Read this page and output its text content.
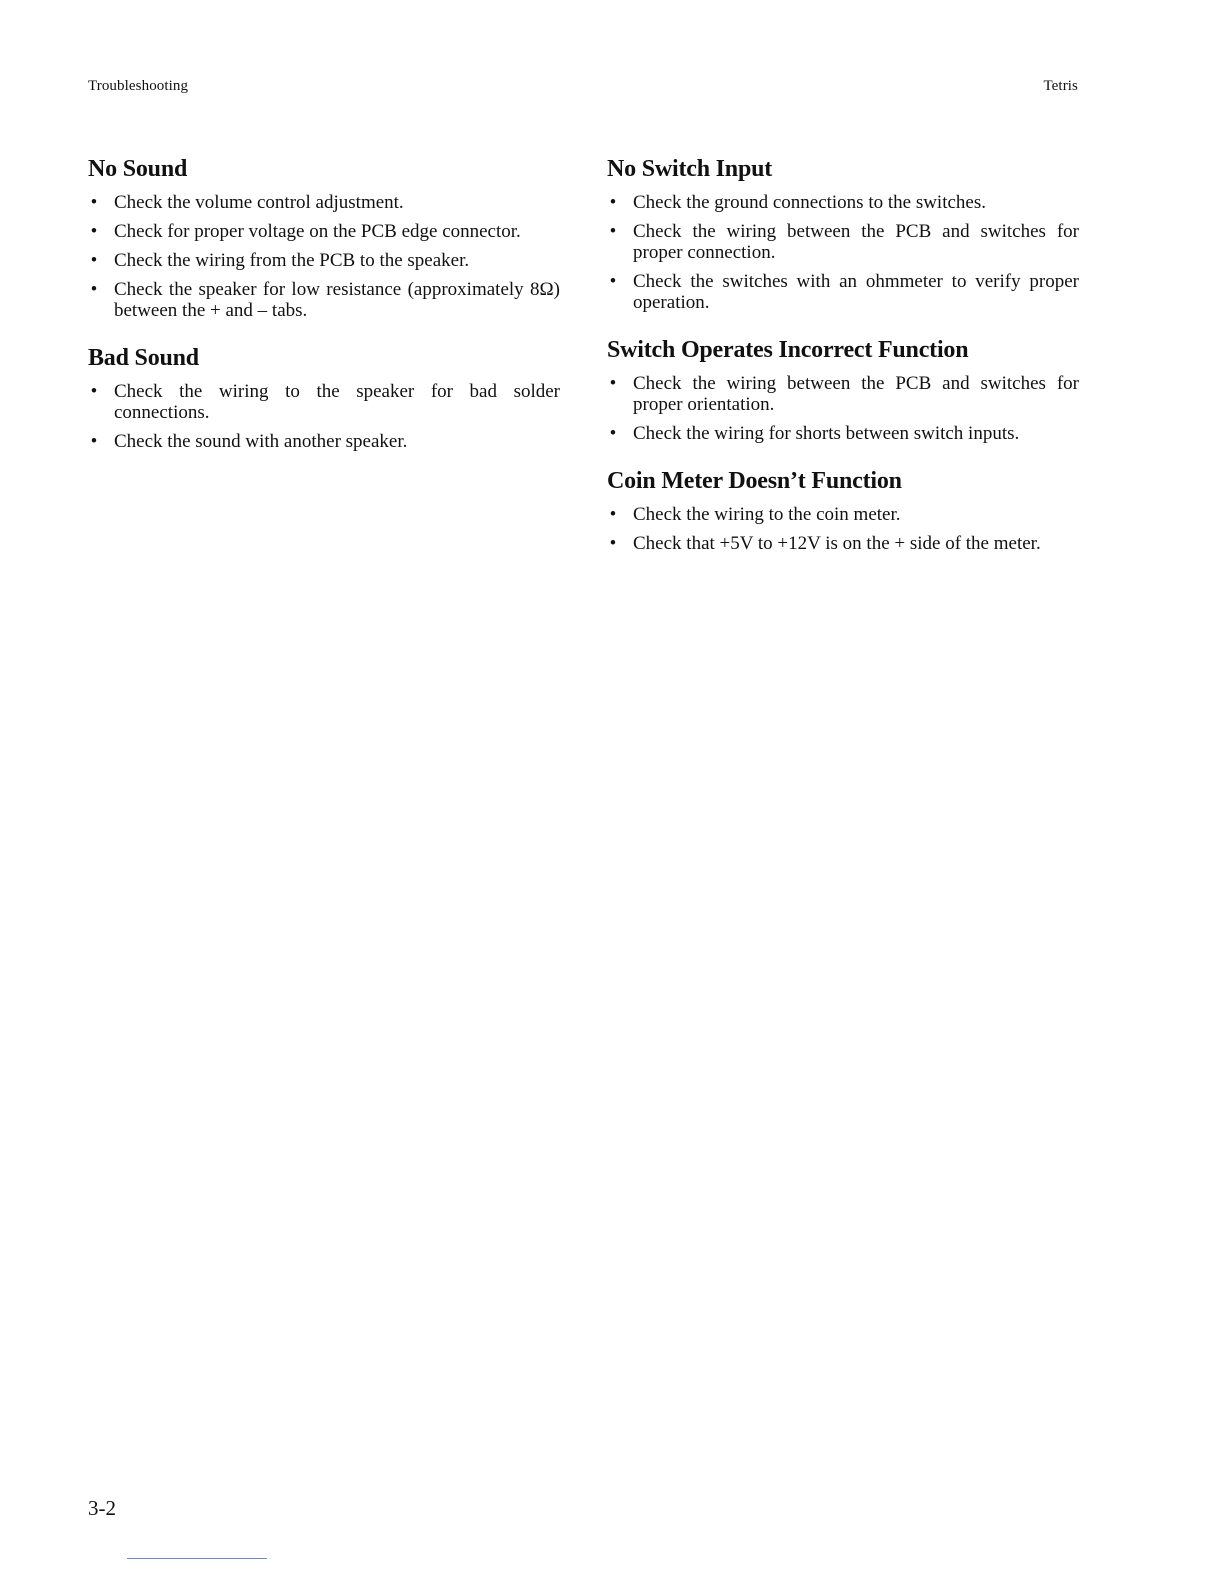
Troubleshooting	Tetris
No Sound
• Check the volume control adjustment.
• Check for proper voltage on the PCB edge connector.
• Check the wiring from the PCB to the speaker.
• Check the speaker for low resistance (approximately 8Ω) between the + and – tabs.
Bad Sound
• Check the wiring to the speaker for bad solder connections.
• Check the sound with another speaker.
No Switch Input
• Check the ground connections to the switches.
• Check the wiring between the PCB and switches for proper connection.
• Check the switches with an ohmmeter to verify proper operation.
Switch Operates Incorrect Function
• Check the wiring between the PCB and switches for proper orientation.
• Check the wiring for shorts between switch inputs.
Coin Meter Doesn’t Function
• Check the wiring to the coin meter.
• Check that +5V to +12V is on the + side of the meter.
3-2
